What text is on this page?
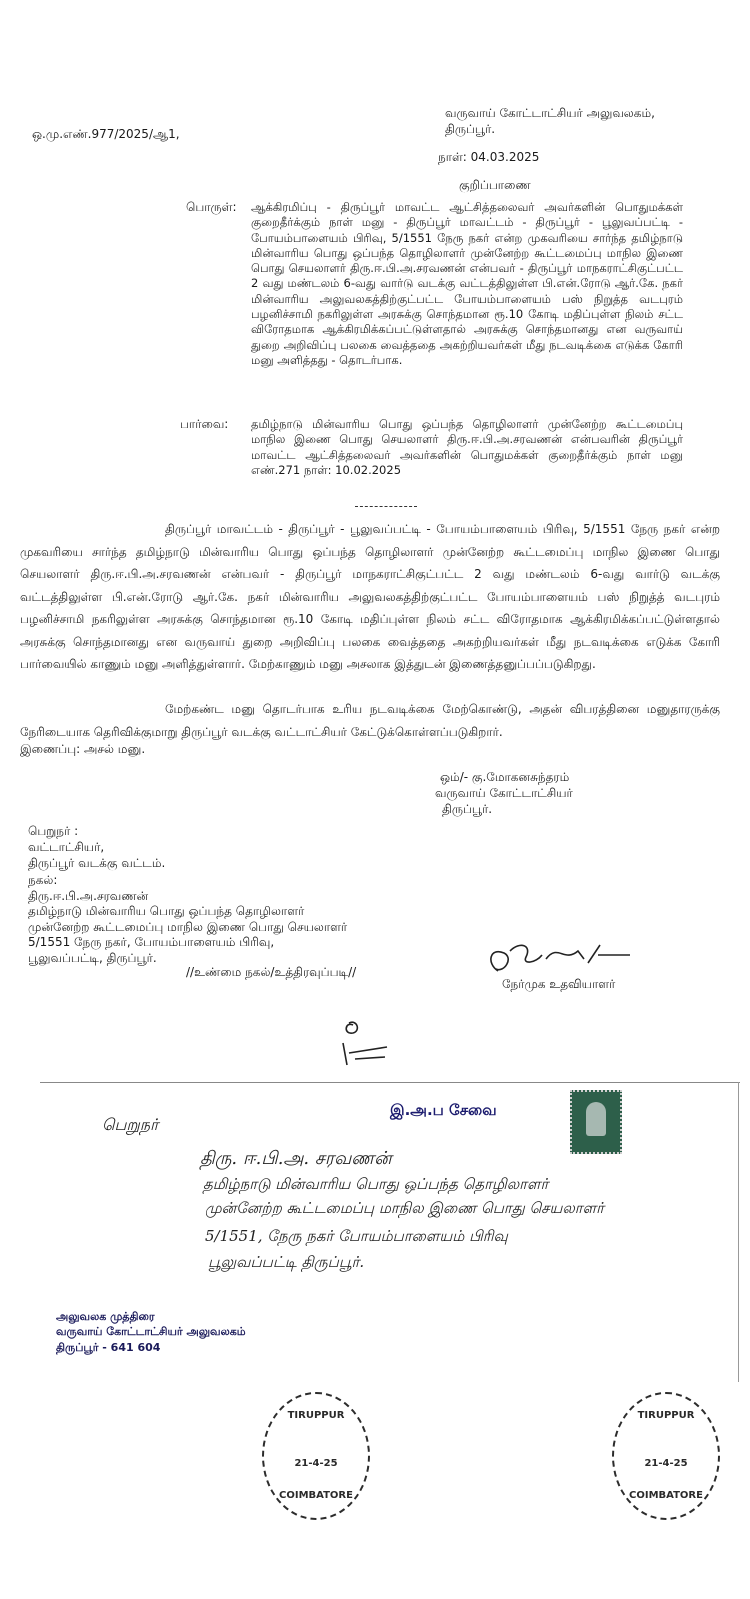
ஒ.மு.எண்.977/2025/ஆ1,
வருவாய் கோட்டாட்சியர் அலுவலகம்,
திருப்பூர்.
நாள்: 04.03.2025
குறிப்பாணை
பொருள்: ஆக்கிரமிப்பு - திருப்பூர் மாவட்ட ஆட்சித்தலைவர் அவர்களின் பொதுமக்கள் குறைதீர்க்கும் நாள் மனு - திருப்பூர் மாவட்டம் - திருப்பூர் - பூலுவப்பட்டி - போயம்பாளையம் பிரிவு, 5/1551 நேரு நகர் என்ற முகவரியை சார்ந்த தமிழ்நாடு மின்வாரிய பொது ஒப்பந்த தொழிலாளர் முன்னேற்ற கூட்டமைப்பு மாநில இணை பொது செயலாளர் திரு.ஈ.பி.அ.சரவணன் என்பவர் - திருப்பூர் மாநகராட்சிகுட்பட்ட 2 வது மண்டலம் 6-வது வார்டு வடக்கு வட்டத்திலுள்ள பி.என்.ரோடு ஆர்.கே. நகர் மின்வாரிய அலுவலகத்திற்குட்பட்ட போயம்பாளையம் பஸ் நிறுத்த வடபுரம் பழனிச்சாமி நகரிலுள்ள அரசுக்கு சொந்தமான ரூ.10 கோடி மதிப்புள்ள நிலம் சட்ட விரோதமாக ஆக்கிரமிக்கப்பட்டுள்ளதால் அரசுக்கு சொந்தமானது என வருவாய் துறை அறிவிப்பு பலகை வைத்ததை அகற்றியவர்கள் மீது நடவடிக்கை எடுக்க கோரி மனு அளித்தது - தொடர்பாக.
பார்வை: தமிழ்நாடு மின்வாரிய பொது ஒப்பந்த தொழிலாளர் முன்னேற்ற கூட்டமைப்பு மாநில இணை பொது செயலாளர் திரு.ஈ.பி.அ.சரவணன் என்பவரின் திருப்பூர் மாவட்ட ஆட்சித்தலைவர் அவர்களின் பொதுமக்கள் குறைதீர்க்கும் நாள் மனு எண்.271 நாள்: 10.02.2025
திருப்பூர் மாவட்டம் - திருப்பூர் - பூலுவப்பட்டி - போயம்பாளையம் பிரிவு, 5/1551 நேரு நகர் என்ற முகவரியை சார்ந்த தமிழ்நாடு மின்வாரிய பொது ஒப்பந்த தொழிலாளர் முன்னேற்ற கூட்டமைப்பு மாநில இணை பொது செயலாளர் திரு.ஈ.பி.அ.சரவணன் என்பவர் - திருப்பூர் மாநகராட்சிகுட்பட்ட 2 வது மண்டலம் 6-வது வார்டு வடக்கு வட்டத்திலுள்ள பி.என்.ரோடு ஆர்.கே. நகர் மின்வாரிய அலுவலகத்திற்குட்பட்ட போயம்பாளையம் பஸ் நிறுத்த் வடபுரம் பழனிச்சாமி நகரிலுள்ள அரசுக்கு சொந்தமான ரூ.10 கோடி மதிப்புள்ள நிலம் சட்ட விரோதமாக ஆக்கிரமிக்கப்பட்டுள்ளதால் அரசுக்கு சொந்தமானது என வருவாய் துறை அறிவிப்பு பலகை வைத்ததை அகற்றியவர்கள் மீது நடவடிக்கை எடுக்க கோரி பார்வையில் காணும் மனு அளித்துள்ளார். மேற்காணும் மனு அசலாக இத்துடன் இணைத்தனுப்பப்படுகிறது.
மேற்கண்ட மனு தொடர்பாக உரிய நடவடிக்கை மேற்கொண்டு, அதன் விபரத்தினை மனுதாரருக்கு நேரிடையாக தெரிவிக்குமாறு திருப்பூர் வடக்கு வட்டாட்சியர் கேட்டுக்கொள்ளப்படுகிறார்.
இணைப்பு: அசல் மனு.
ஒம்/- கு.மோகனசுந்தரம்
வருவாய் கோட்டாட்சியர்
திருப்பூர்.
பெறுநர் :
வட்டாட்சியர்,
திருப்பூர் வடக்கு வட்டம்.
நகல்:
திரு.ஈ.பி.அ.சரவணன்
தமிழ்நாடு மின்வாரிய பொது ஒப்பந்த தொழிலாளர்
முன்னேற்ற கூட்டமைப்பு மாநில இணை பொது செயலாளர்
5/1551 நேரு நகர், போயம்பாளையம் பிரிவு,
பூலுவப்பட்டி, திருப்பூர்.
//உண்மை நகல்/உத்திரவுப்படி//
நேர்முக உதவியாளர்
இ.அ.ப சேவை
பெறுநர்
திரு. ஈ.பி.அ. சரவணன்
தமிழ்நாடு மின்வாரிய பொது ஒப்பந்த தொழிலாளர்
முன்னேற்ற கூட்டமைப்பு மாநில இணை பொது செயலாளர்
5/1551, நேரு நகர் போயம்பாளையம் பிரிவு
பூலுவப்பட்டி திருப்பூர்.
அலுவலக முத்திரை
வருவாய் கோட்டாட்சியர் அலுவலகம்
திருப்பூர் - 641 604
TIRUPPUR
21-4-25
COIMBATORE
TIRUPPUR
21-4-25
COIMBATORE
